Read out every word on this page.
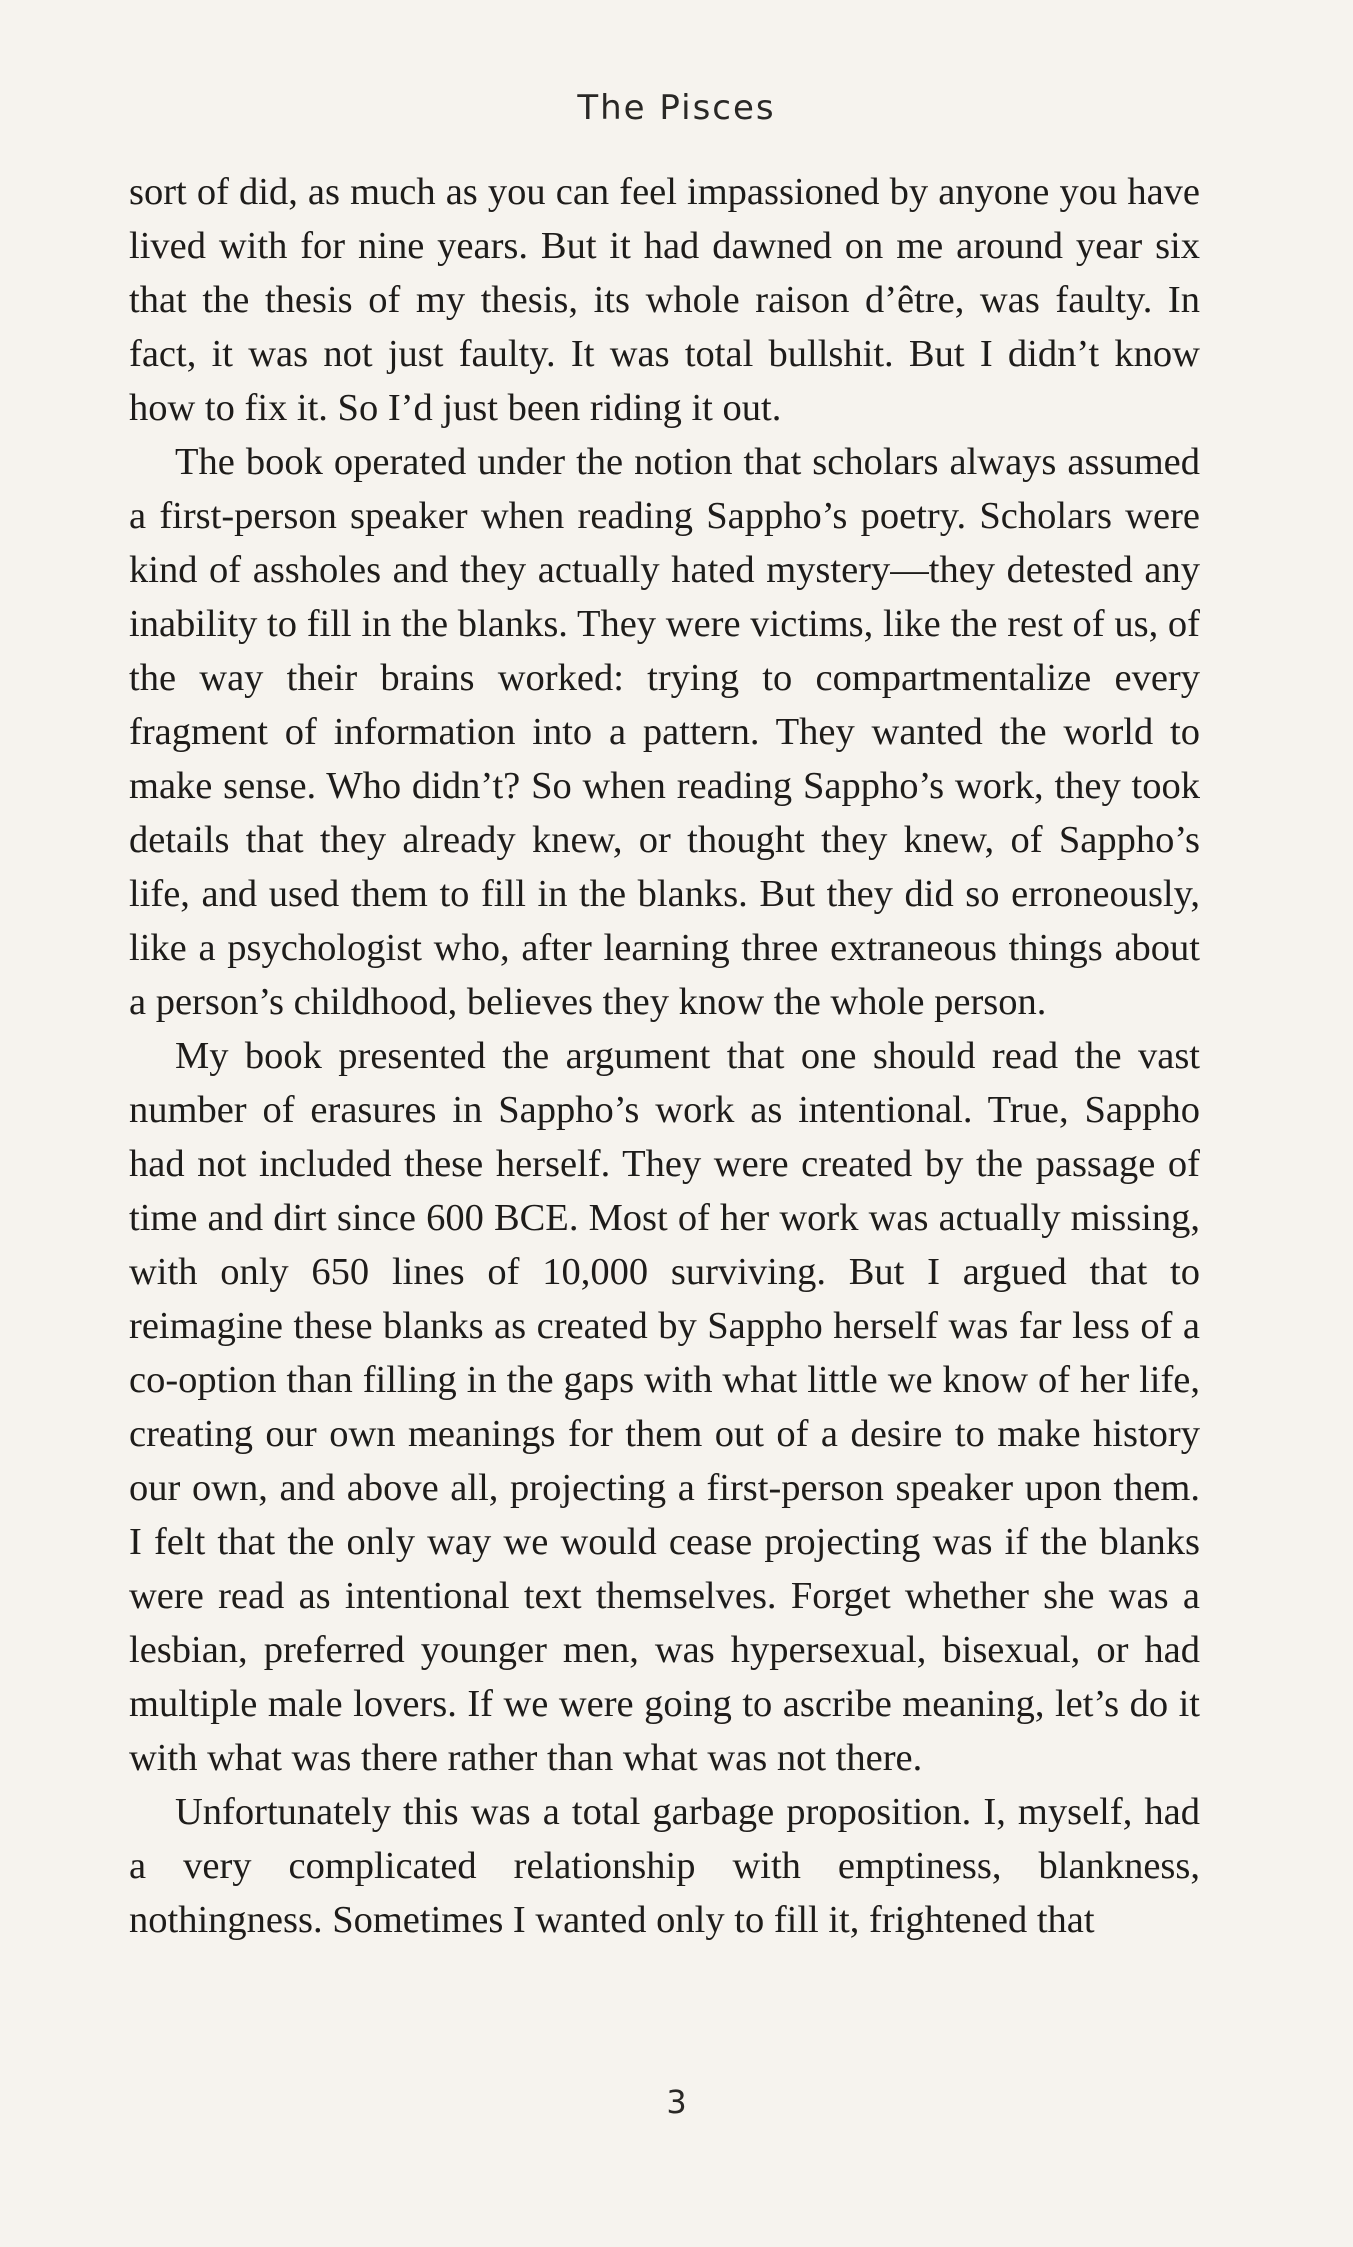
The Pisces

sort of did, as much as you can feel impassioned by anyone you have lived with for nine years. But it had dawned on me around year six that the thesis of my thesis, its whole raison d’être, was faulty. In fact, it was not just faulty. It was total bullshit. But I didn’t know how to fix it. So I’d just been riding it out.

The book operated under the notion that scholars always assumed a first-person speaker when reading Sappho’s poetry. Scholars were kind of assholes and they actually hated mystery—they detested any inability to fill in the blanks. They were victims, like the rest of us, of the way their brains worked: trying to compartmentalize every fragment of information into a pattern. They wanted the world to make sense. Who didn’t? So when reading Sappho’s work, they took details that they already knew, or thought they knew, of Sappho’s life, and used them to fill in the blanks. But they did so erroneously, like a psychologist who, after learning three extraneous things about a person’s childhood, believes they know the whole person.

My book presented the argument that one should read the vast number of erasures in Sappho’s work as intentional. True, Sappho had not included these herself. They were created by the passage of time and dirt since 600 BCE. Most of her work was actually missing, with only 650 lines of 10,000 surviving. But I argued that to reimagine these blanks as created by Sappho herself was far less of a co-option than filling in the gaps with what little we know of her life, creating our own meanings for them out of a desire to make history our own, and above all, projecting a first-person speaker upon them. I felt that the only way we would cease projecting was if the blanks were read as intentional text themselves. Forget whether she was a lesbian, preferred younger men, was hypersexual, bisexual, or had multiple male lovers. If we were going to ascribe meaning, let’s do it with what was there rather than what was not there.

Unfortunately this was a total garbage proposition. I, myself, had a very complicated relationship with emptiness, blankness, nothingness. Sometimes I wanted only to fill it, frightened that

3
